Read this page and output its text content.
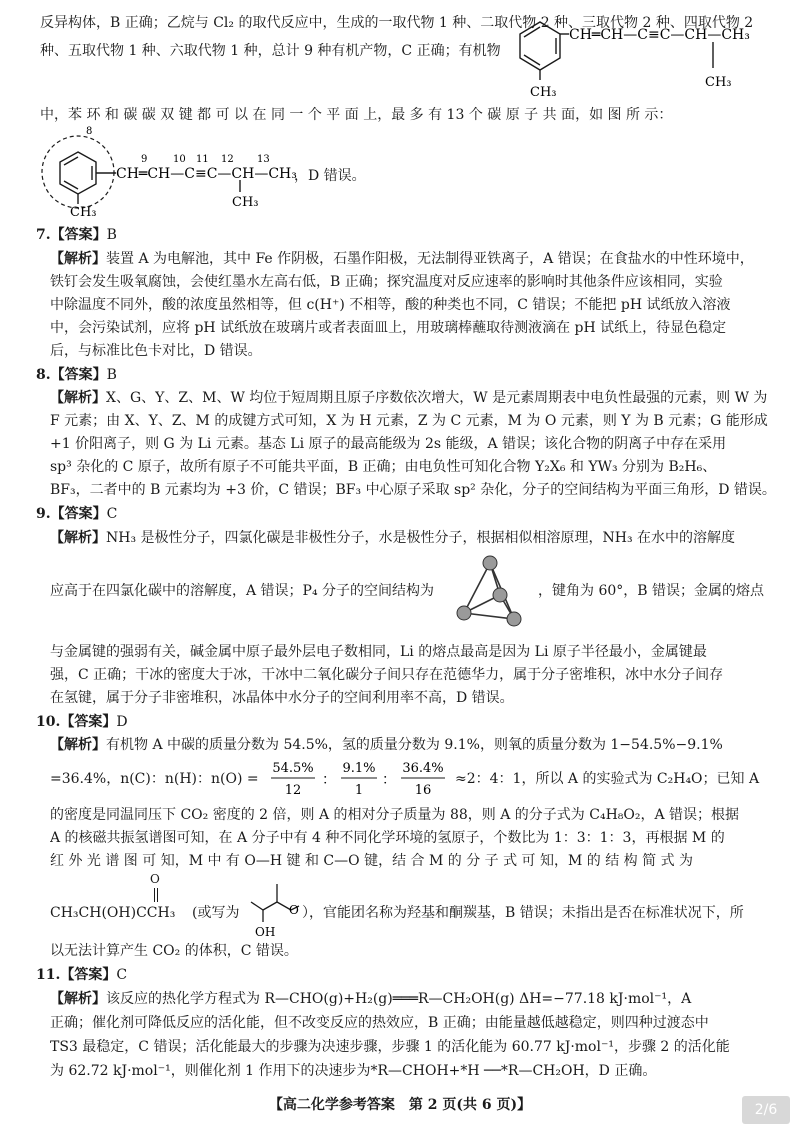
反异构体，B 正确；乙烷与 Cl₂ 的取代反应中，生成的一取代物 1 种、二取代物 2 种、三取代物 2 种、四取代物 2
种、五取代物 1 种、六取代物 1 种，总计 9 种有机产物，C 正确；有机物
CH═CH—C≡C—CH—CH₃
CH₃
CH₃
中，苯 环 和 碳 碳 双 键 都 可 以 在 同 一 个 平 面 上，最 多 有 13 个 碳 原 子 共 面，如 图 所 示：
8
9	10 11 12 13
CH═CH—C≡C—CH—CH₃
CH₃
CH₃
，D 错误。
7.【答案】B
【解析】装置 A 为电解池，其中 Fe 作阴极，石墨作阳极，无法制得亚铁离子，A 错误；在食盐水的中性环境中，
铁钉会发生吸氧腐蚀，会使红墨水左高右低，B 正确；探究温度对反应速率的影响时其他条件应该相同，实验
中除温度不同外，酸的浓度虽然相等，但 c(H⁺) 不相等，酸的种类也不同，C 错误；不能把 pH 试纸放入溶液
中，会污染试剂，应将 pH 试纸放在玻璃片或者表面皿上，用玻璃棒蘸取待测液滴在 pH 试纸上，待显色稳定
后，与标准比色卡对比，D 错误。
8.【答案】B
【解析】X、G、Y、Z、M、W 均位于短周期且原子序数依次增大，W 是元素周期表中电负性最强的元素，则 W 为
F 元素；由 X、Y、Z、M 的成键方式可知，X 为 H 元素，Z 为 C 元素，M 为 O 元素，则 Y 为 B 元素；G 能形成
+1 价阳离子，则 G 为 Li 元素。基态 Li 原子的最高能级为 2s 能级，A 错误；该化合物的阴离子中存在采用
sp³ 杂化的 C 原子，故所有原子不可能共平面，B 正确；由电负性可知化合物 Y₂X₆ 和 YW₃ 分别为 B₂H₆、
BF₃，二者中的 B 元素均为 +3 价，C 错误；BF₃ 中心原子采取 sp² 杂化，分子的空间结构为平面三角形，D 错误。
9.【答案】C
【解析】NH₃ 是极性分子，四氯化碳是非极性分子，水是极性分子，根据相似相溶原理，NH₃ 在水中的溶解度
应高于在四氯化碳中的溶解度，A 错误；P₄ 分子的空间结构为	，键角为 60°，B 错误；金属的熔点
与金属键的强弱有关，碱金属中原子最外层电子数相同，Li 的熔点最高是因为 Li 原子半径最小，金属键最
强，C 正确；干冰的密度大于冰，干冰中二氧化碳分子间只存在范德华力，属于分子密堆积，冰中水分子间存
在氢键，属于分子非密堆积，冰晶体中水分子的空间利用率不高，D 错误。
10.【答案】D
【解析】有机物 A 中碳的质量分数为 54.5%，氢的质量分数为 9.1%，则氧的质量分数为 1−54.5%−9.1%
=36.4%，n(C)：n(H)：n(O) =
54.5%
12
：
9.1%
1
：
36.4%
16
≈2：4：1，所以 A 的实验式为 C₂H₄O；已知 A
的密度是同温同压下 CO₂ 密度的 2 倍，则 A 的相对分子质量为 88，则 A 的分子式为 C₄H₈O₂，A 错误；根据
A 的核磁共振氢谱图可知，在 A 分子中有 4 种不同化学环境的氢原子，个数比为 1：3：1：3，再根据 M 的
红 外 光 谱 图 可 知，M 中 有 O—H 键 和 C—O 键，结 合 M 的 分 子 式 可 知，M 的 结 构 简 式 为
O
CH₃CH(OH)CCH₃	(或写为	O
OH
），官能团名称为羟基和酮羰基，B 错误；未指出是否在标准状况下，所
以无法计算产生 CO₂ 的体积，C 错误。
11.【答案】C
【解析】该反应的热化学方程式为 R—CHO(g)+H₂(g)═══R—CH₂OH(g) ΔH=−77.18 kJ·mol⁻¹，A
正确；催化剂可降低反应的活化能，但不改变反应的热效应，B 正确；由能量越低越稳定，则四种过渡态中
TS3 最稳定，C 错误；活化能最大的步骤为决速步骤，步骤 1 的活化能为 60.77 kJ·mol⁻¹，步骤 2 的活化能
为 62.72 kJ·mol⁻¹，则催化剂 1 作用下的决速步为*R—CHOH+*H ──*R—CH₂OH，D 正确。
【高二化学参考答案　第 2 页(共 6 页)】	2/6
